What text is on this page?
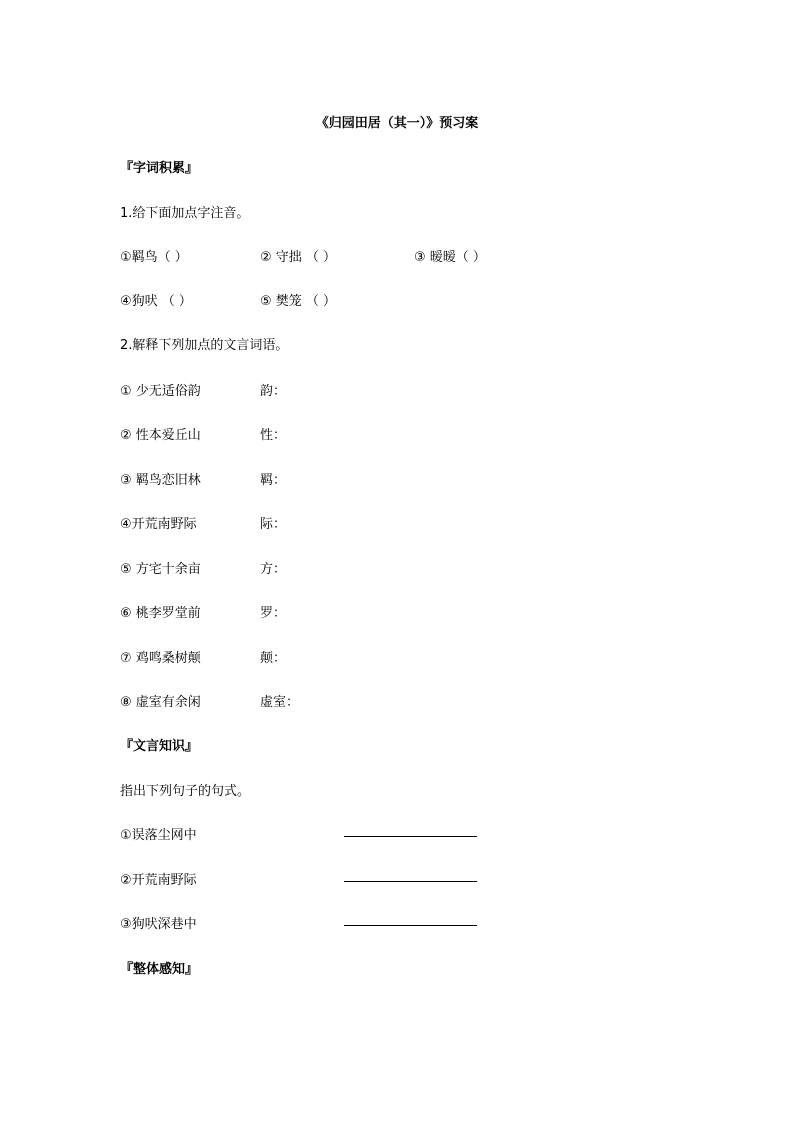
《归园田居（其一）》预习案
『字词积累』
1.给下面加点字注音。
①羁鸟（ ）	② 守拙 （ ）	③ 暧暧（ ）
④狗吠 （ ）	⑤ 樊笼 （ ）
2.解释下列加点的文言词语。
① 少无适俗韵	韵：
② 性本爱丘山	性：
③ 羁鸟恋旧林	羁：
④开荒南野际	际：
⑤ 方宅十余亩	方：
⑥ 桃李罗堂前	罗：
⑦ 鸡鸣桑树颠	颠：
⑧ 虚室有余闲	虚室：
『文言知识』
指出下列句子的句式。
①误落尘网中
②开荒南野际
③狗吠深巷中
『整体感知』
